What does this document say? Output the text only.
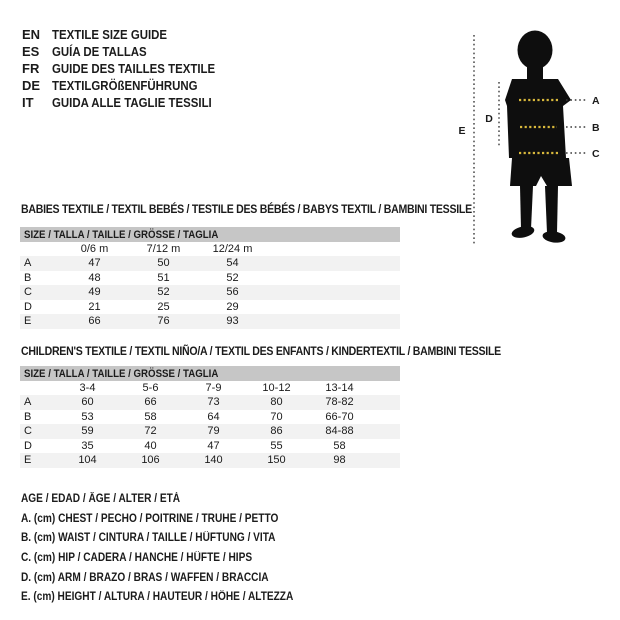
EN TEXTILE SIZE GUIDE
ES GUÍA DE TALLAS
FR GUIDE DES TAILLES TEXTILE
DE TEXTILGRÖßENFÜHRUNG
IT	GUIDA ALLE TAGLIE TESSILI
E
D
A
B
C
BABIES TEXTILE / TEXTIL BEBÉS / TESTILE DES BÉBÉS / BABYS TEXTIL / BAMBINI TESSILE
SIZE / TALLA / TAILLE / GRÖSSE / TAGLIA				
	0/6 m	7/12 m	12/24 m	
A	47	50	54	
B	48	51	52	
C	49	52	56	
D	21	25	29	
E	66	76	93	
CHILDREN'S TEXTILE / TEXTIL NIÑO/A / TEXTIL DES ENFANTS / KINDERTEXTIL / BAMBINI TESSILE
SIZE / TALLA / TAILLE / GRÖSSE / TAGLIA						
	3-4	5-6	7-9	10-12	13-14	
A	60	66	73	80	78-82	
B	53	58	64	70	66-70	
C	59	72	79	86	84-88	
D	35	40	47	55	58	
E	104	106	140	150	98	
AGE / EDAD / ÂGE / ALTER / ETÀ
A. (cm) CHEST / PECHO / POITRINE / TRUHE / PETTO
B. (cm) WAIST / CINTURA / TAILLE / HÜFTUNG / VITA
C. (cm) HIP / CADERA / HANCHE / HÜFTE / HIPS
D. (cm) ARM / BRAZO / BRAS / WAFFEN / BRACCIA
E. (cm) HEIGHT / ALTURA / HAUTEUR / HÖHE / ALTEZZA
